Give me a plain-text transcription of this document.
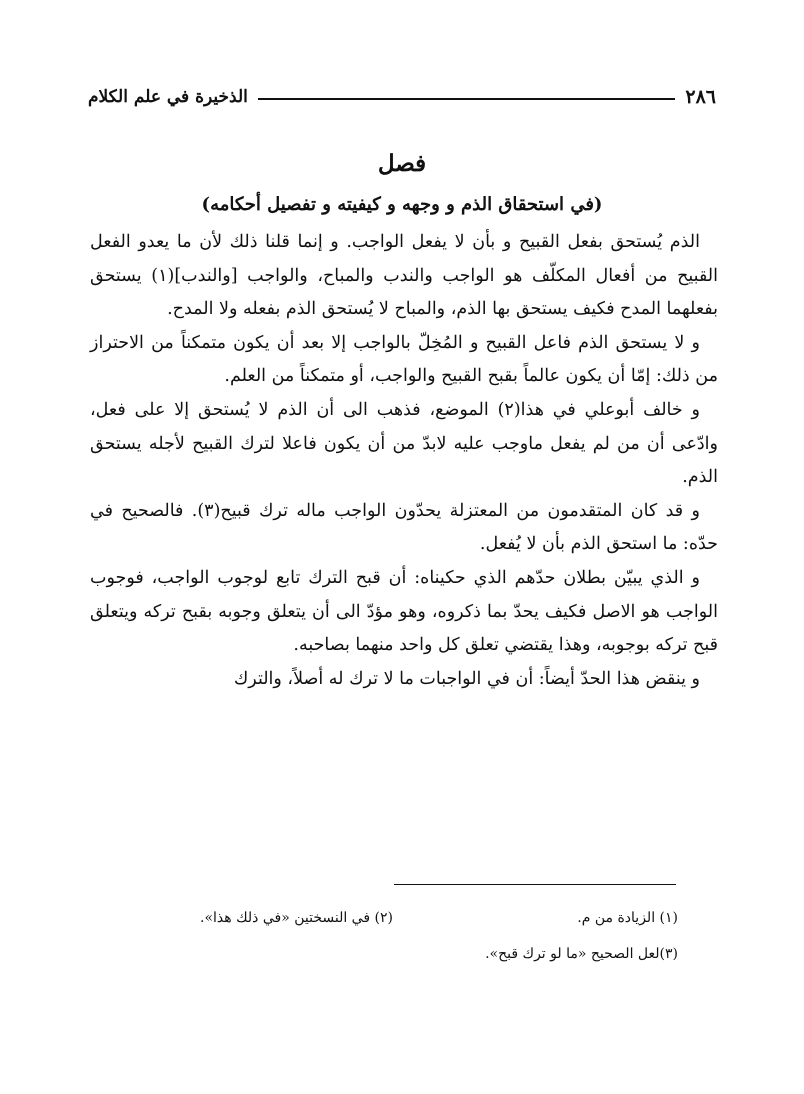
٢٨٦
الذخيرة في علم الكلام
فصل
(في استحقاق الذم و وجهه و كيفيته و تفصيل أحكامه)

الذم يُستحق بفعل القبيح و بأن لا يفعل الواجب. و إنما قلنا ذلك لأن ما يعدو الفعل القبيح من أفعال المكلّف هو الواجب والندب والمباح، والواجب [والندب](١) يستحق بفعلهما المدح فكيف يستحق بها الذم، والمباح لا يُستحق الذم بفعله ولا المدح.

و لا يستحق الذم فاعل القبيح و المُخِلّ بالواجب إلا بعد أن يكون متمكناً من الاحتراز من ذلك: إمّا أن يكون عالماً بقبح القبيح والواجب، أو متمكناً من العلم.

و خالف أبوعلي في هذا(٢) الموضع، فذهب الى أن الذم لا يُستحق إلا على فعل، وادّعى أن من لم يفعل ماوجب عليه لابدّ من أن يكون فاعلا لترك القبيح لأجله يستحق الذم.

و قد كان المتقدمون من المعتزلة يحدّون الواجب ماله ترك قبيح(٣). فالصحيح في حدّه: ما استحق الذم بأن لا يُفعل.

و الذي يبيّن بطلان حدّهم الذي حكيناه: أن قبح الترك تابع لوجوب الواجب، فوجوب الواجب هو الاصل فكيف يحدّ بما ذكروه، وهو مؤدّ الى أن يتعلق وجوبه بقبح تركه ويتعلق قبح تركه بوجوبه، وهذا يقتضي تعلق كل واحد منهما بصاحبه.

و ينقض هذا الحدّ أيضاً: أن في الواجبات ما لا ترك له أصلاً، والترك

(١) الزيادة من م.
(٢) في النسختين «في ذلك هذا».
(٣)لعل الصحيح «ما لو ترك قبح».
